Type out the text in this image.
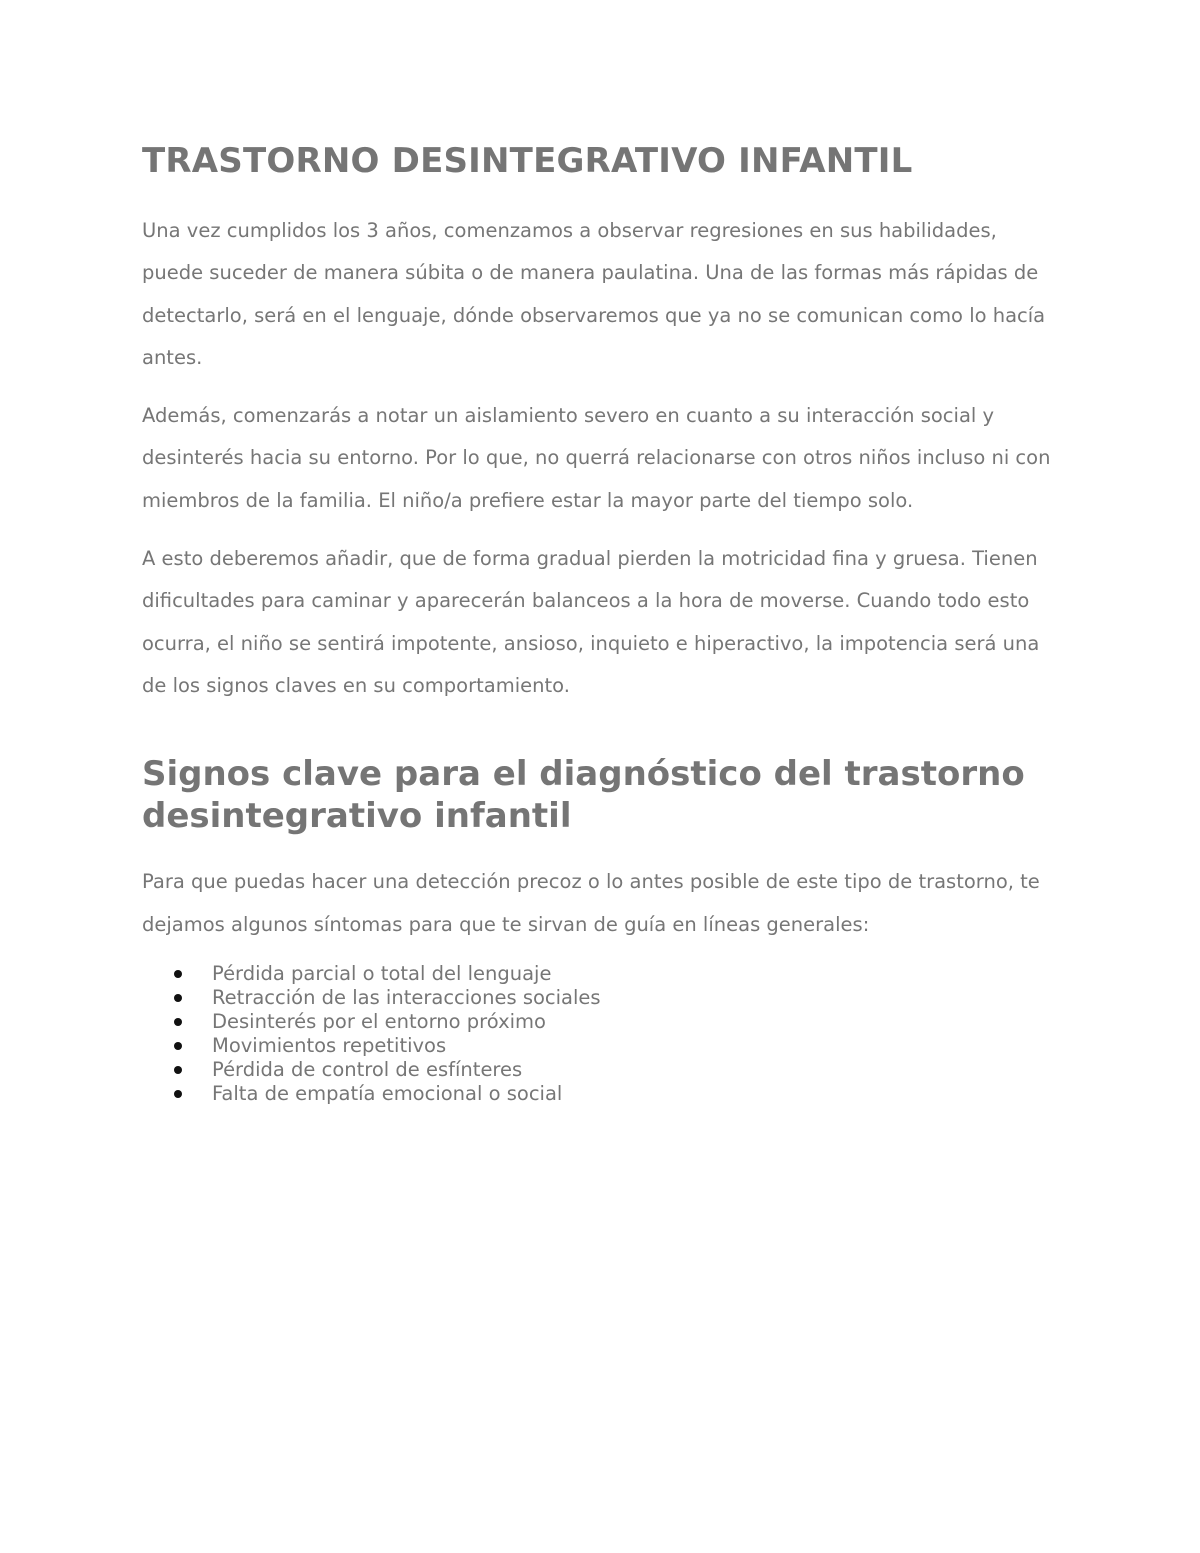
TRASTORNO DESINTEGRATIVO INFANTIL

Una vez cumplidos los 3 años, comenzamos a observar regresiones en sus habilidades, puede suceder de manera súbita o de manera paulatina. Una de las formas más rápidas de detectarlo, será en el lenguaje, dónde observaremos que ya no se comunican como lo hacía antes.

Además, comenzarás a notar un aislamiento severo en cuanto a su interacción social y desinterés hacia su entorno. Por lo que, no querrá relacionarse con otros niños incluso ni con miembros de la familia. El niño/a prefiere estar la mayor parte del tiempo solo.

A esto deberemos añadir, que de forma gradual pierden la motricidad fina y gruesa. Tienen dificultades para caminar y aparecerán balanceos a la hora de moverse. Cuando todo esto ocurra, el niño se sentirá impotente, ansioso, inquieto e hiperactivo, la impotencia será una de los signos claves en su comportamiento.

Signos clave para el diagnóstico del trastorno desintegrativo infantil

Para que puedas hacer una detección precoz o lo antes posible de este tipo de trastorno, te dejamos algunos síntomas para que te sirvan de guía en líneas generales:

Pérdida parcial o total del lenguaje
Retracción de las interacciones sociales
Desinterés por el entorno próximo
Movimientos repetitivos
Pérdida de control de esfínteres
Falta de empatía emocional o social
